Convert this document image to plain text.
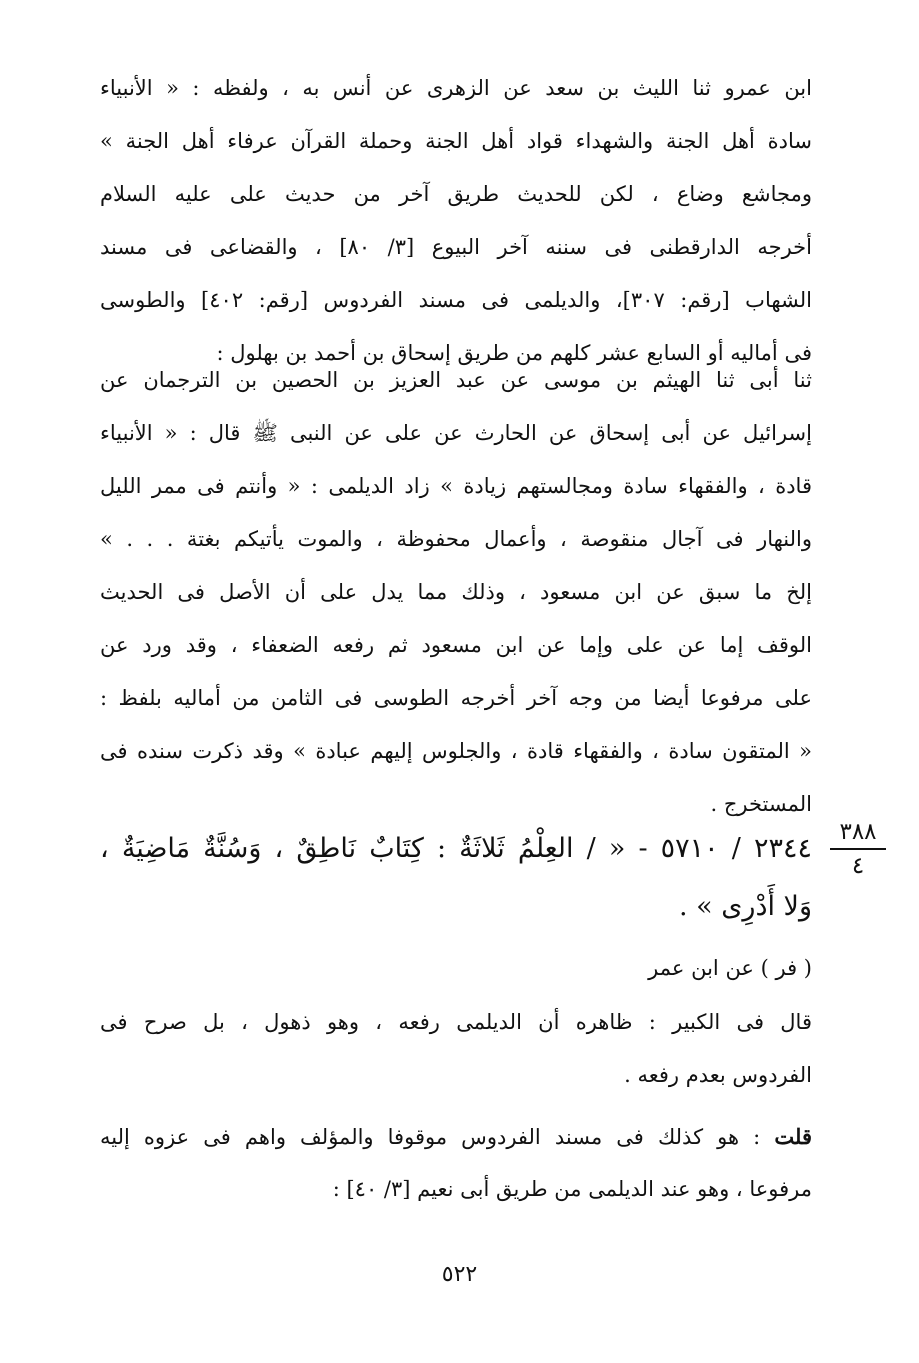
ابن عمرو ثنا الليث بن سعد عن الزهرى عن أنس به ، ولفظه : « الأنبياء
سادة أهل الجنة والشهداء قواد أهل الجنة وحملة القرآن عرفاء أهل الجنة »
ومجاشع وضاع ، لكن للحديث طريق آخر من حديث على عليه السلام
أخرجه الدارقطنى فى سننه آخر البيوع [٣/ ٨٠] ، والقضاعى فى مسند
الشهاب [رقم: ٣٠٧]، والديلمى فى مسند الفردوس [رقم: ٤٠٢] والطوسى
فى أماليه أو السابع عشر كلهم من طريق إسحاق بن أحمد بن بهلول :
ثنا أبى ثنا الهيثم بن موسى عن عبد العزيز بن الحصين بن الترجمان عن
إسرائيل عن أبى إسحاق عن الحارث عن على عن النبى ﷺ قال : « الأنبياء
قادة ، والفقهاء سادة ومجالستهم زيادة » زاد الديلمى : « وأنتم فى ممر الليل
والنهار فى آجال منقوصة ، وأعمال محفوظة ، والموت يأتيكم بغتة . . . »
إلخ ما سبق عن ابن مسعود ، وذلك مما يدل على أن الأصل فى الحديث
الوقف إما عن على وإما عن ابن مسعود ثم رفعه الضعفاء ، وقد ورد عن
على مرفوعا أيضا من وجه آخر أخرجه الطوسى فى الثامن من أماليه بلفظ :
« المتقون سادة ، والفقهاء قادة ، والجلوس إليهم عبادة » وقد ذكرت سنده فى
المستخرج .
٣٨٨
٤
٢٣٤٤ / ٥٧١٠ - « / العِلْمُ ثَلاثَةٌ : كِتَابٌ نَاطِقٌ ، وَسُنَّةٌ مَاضِيَةٌ ،
وَلا أَدْرِى » .
( فر ) عن ابن عمر
قال فى الكبير : ظاهره أن الديلمى رفعه ، وهو ذهول ، بل صرح فى
الفردوس بعدم رفعه .
قلت : هو كذلك فى مسند الفردوس موقوفا والمؤلف واهم فى عزوه إليه
مرفوعا ، وهو عند الديلمى من طريق أبى نعيم [٣/ ٤٠] :
٥٢٢
